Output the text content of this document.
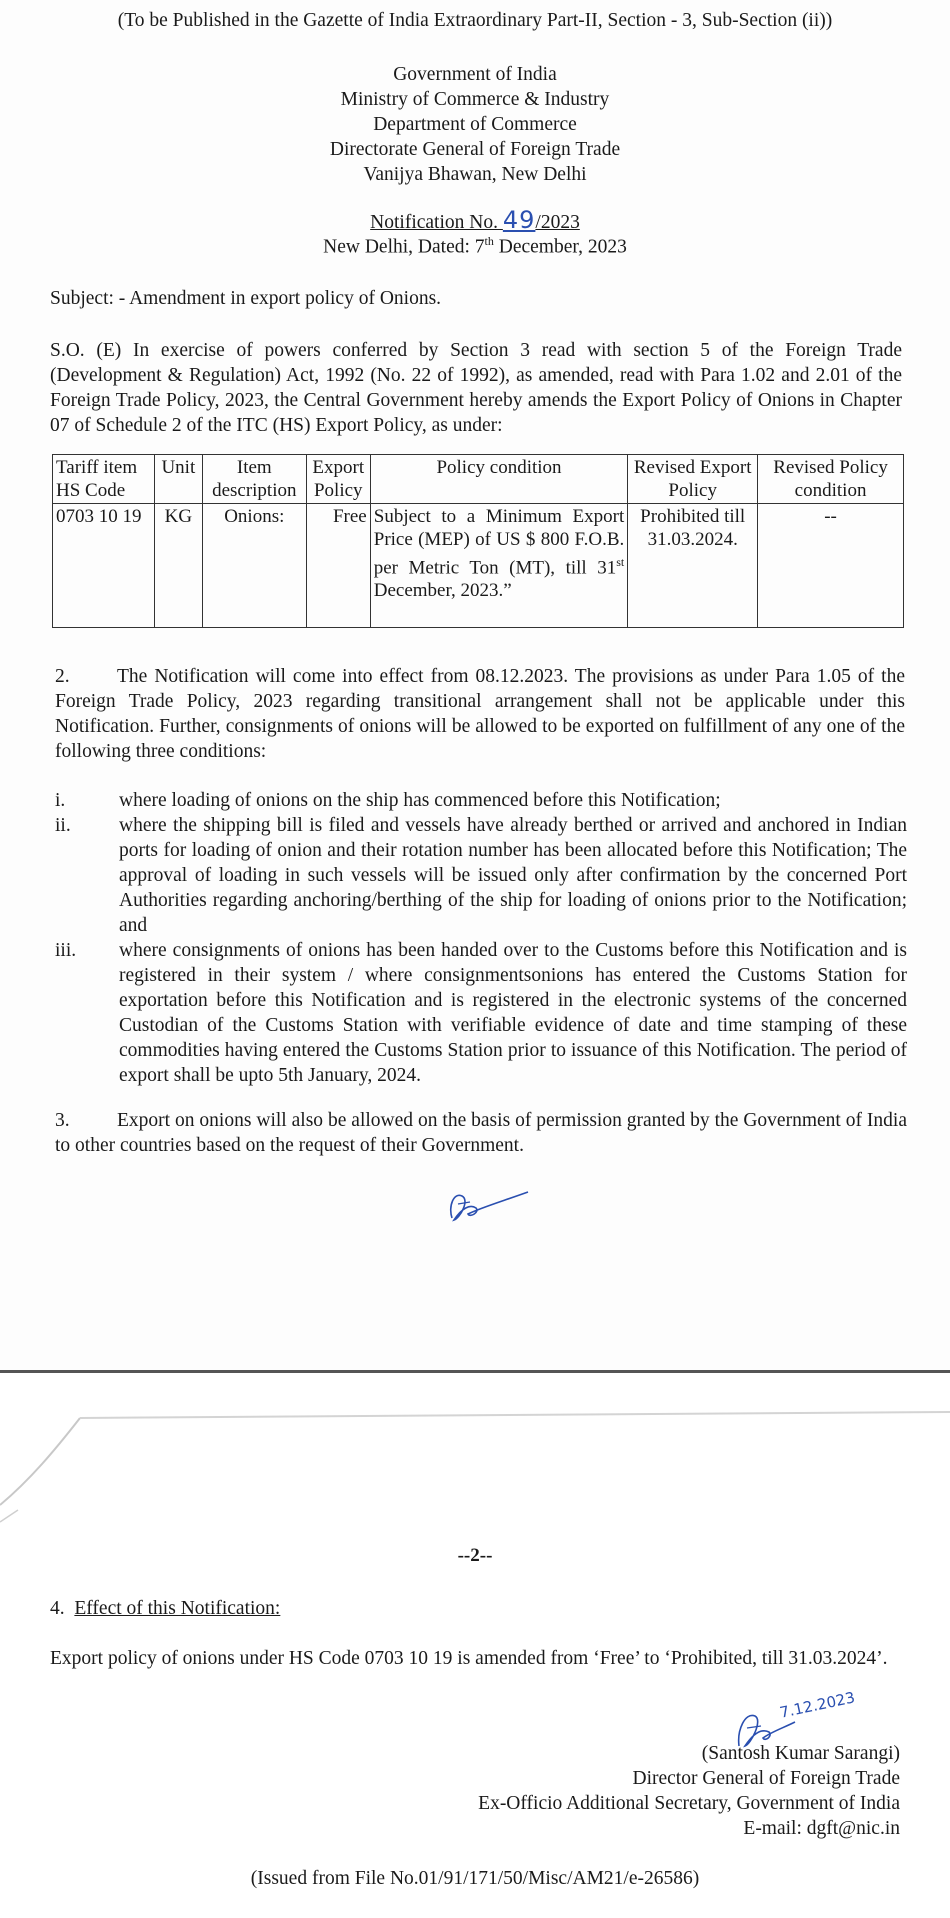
(To be Published in the Gazette of India Extraordinary Part-II, Section - 3, Sub-Section (ii))
Government of India
Ministry of Commerce & Industry
Department of Commerce
Directorate General of Foreign Trade
Vanijya Bhawan, New Delhi
Notification No. 49/2023
New Delhi, Dated: 7th December, 2023
Subject: - Amendment in export policy of Onions.
S.O. (E) In exercise of powers conferred by Section 3 read with section 5 of the Foreign Trade (Development & Regulation) Act, 1992 (No. 22 of 1992), as amended, read with Para 1.02 and 2.01 of the Foreign Trade Policy, 2023, the Central Government hereby amends the Export Policy of Onions in Chapter 07 of Schedule 2 of the ITC (HS) Export Policy, as under:
Tariff item HS Code	Unit	Item description	Export Policy	Policy condition	Revised Export Policy	Revised Policy condition
0703 10 19	KG	Onions:	Free	Subject to a Minimum Export Price (MEP) of US $ 800 F.O.B. per Metric Ton (MT), till 31st December, 2023.”	Prohibited till 31.03.2024.	--
2. The Notification will come into effect from 08.12.2023. The provisions as under Para 1.05 of the Foreign Trade Policy, 2023 regarding transitional arrangement shall not be applicable under this Notification. Further, consignments of onions will be allowed to be exported on fulfillment of any one of the following three conditions:
i.	where loading of onions on the ship has commenced before this Notification;
ii.	where the shipping bill is filed and vessels have already berthed or arrived and anchored in Indian ports for loading of onion and their rotation number has been allocated before this Notification; The approval of loading in such vessels will be issued only after confirmation by the concerned Port Authorities regarding anchoring/berthing of the ship for loading of onions prior to the Notification; and
iii.	where consignments of onions has been handed over to the Customs before this Notification and is registered in their system / where consignmentsonions has entered the Customs Station for exportation before this Notification and is registered in the electronic systems of the concerned Custodian of the Customs Station with verifiable evidence of date and time stamping of these commodities having entered the Customs Station prior to issuance of this Notification. The period of export shall be upto 5th January, 2024.
3. Export on onions will also be allowed on the basis of permission granted by the Government of India to other countries based on the request of their Government.
--2--
4. Effect of this Notification:
Export policy of onions under HS Code 0703 10 19 is amended from ‘Free’ to ‘Prohibited, till 31.03.2024’.
7.12.2023
(Santosh Kumar Sarangi)
Director General of Foreign Trade
Ex-Officio Additional Secretary, Government of India
E-mail: dgft@nic.in
(Issued from File No.01/91/171/50/Misc/AM21/e-26586)
